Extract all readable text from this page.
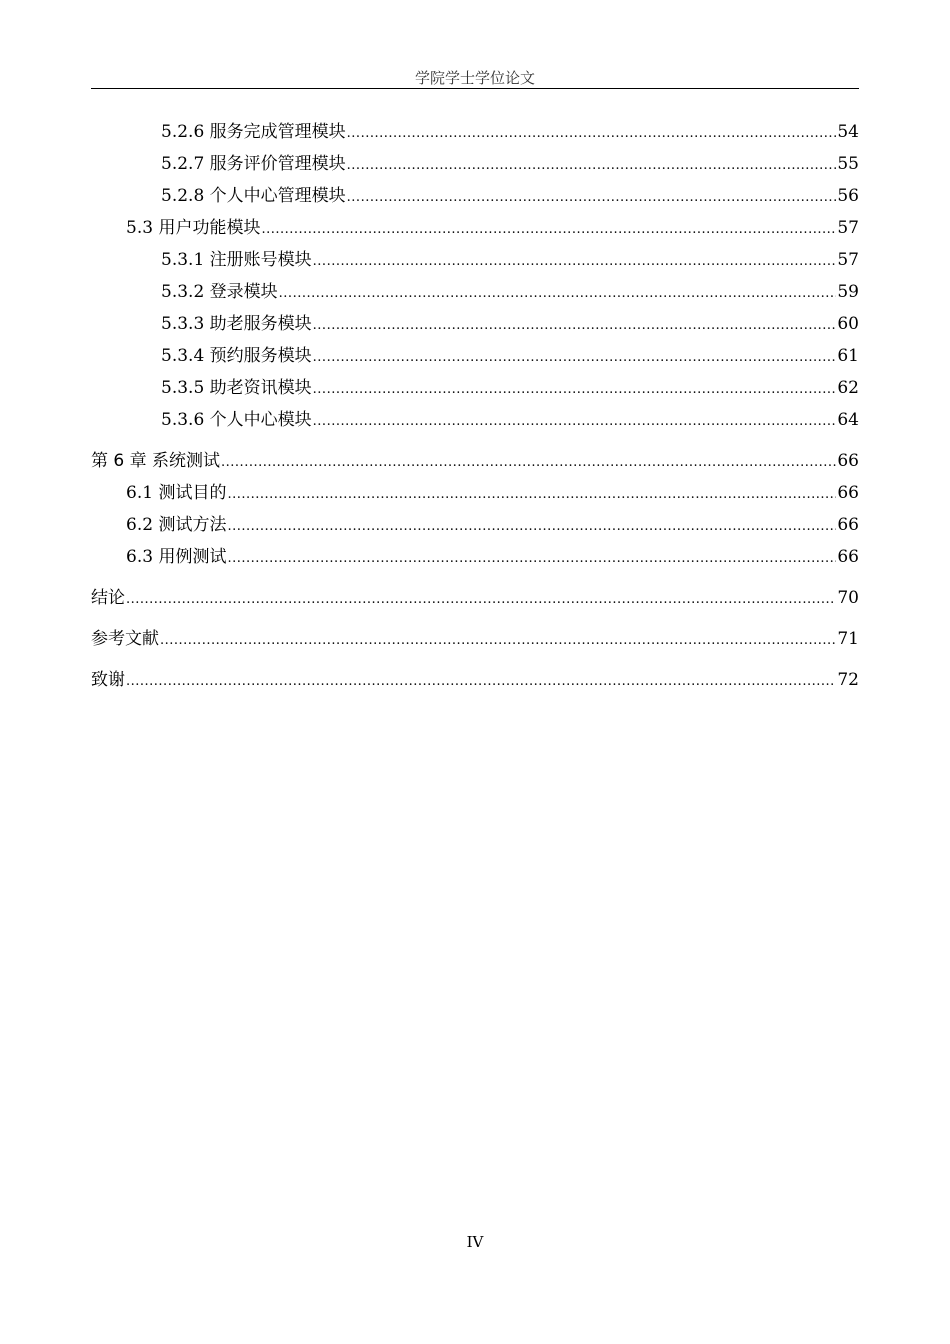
学院学士学位论文
5.2.6 服务完成管理模块 .....	54
5.2.7 服务评价管理模块 .....	55
5.2.8 个人中心管理模块 .....	56
5.3 用户功能模块 .....	57
5.3.1 注册账号模块 .....	57
5.3.2 登录模块 .....	59
5.3.3 助老服务模块 .....	60
5.3.4 预约服务模块 .....	61
5.3.5 助老资讯模块 .....	62
5.3.6 个人中心模块 .....	64
第 6 章 系统测试 .....	66
6.1 测试目的 .....	66
6.2 测试方法 .....	66
6.3 用例测试 .....	66
结论 .....	70
参考文献 .....	71
致谢 .....	72
IV
